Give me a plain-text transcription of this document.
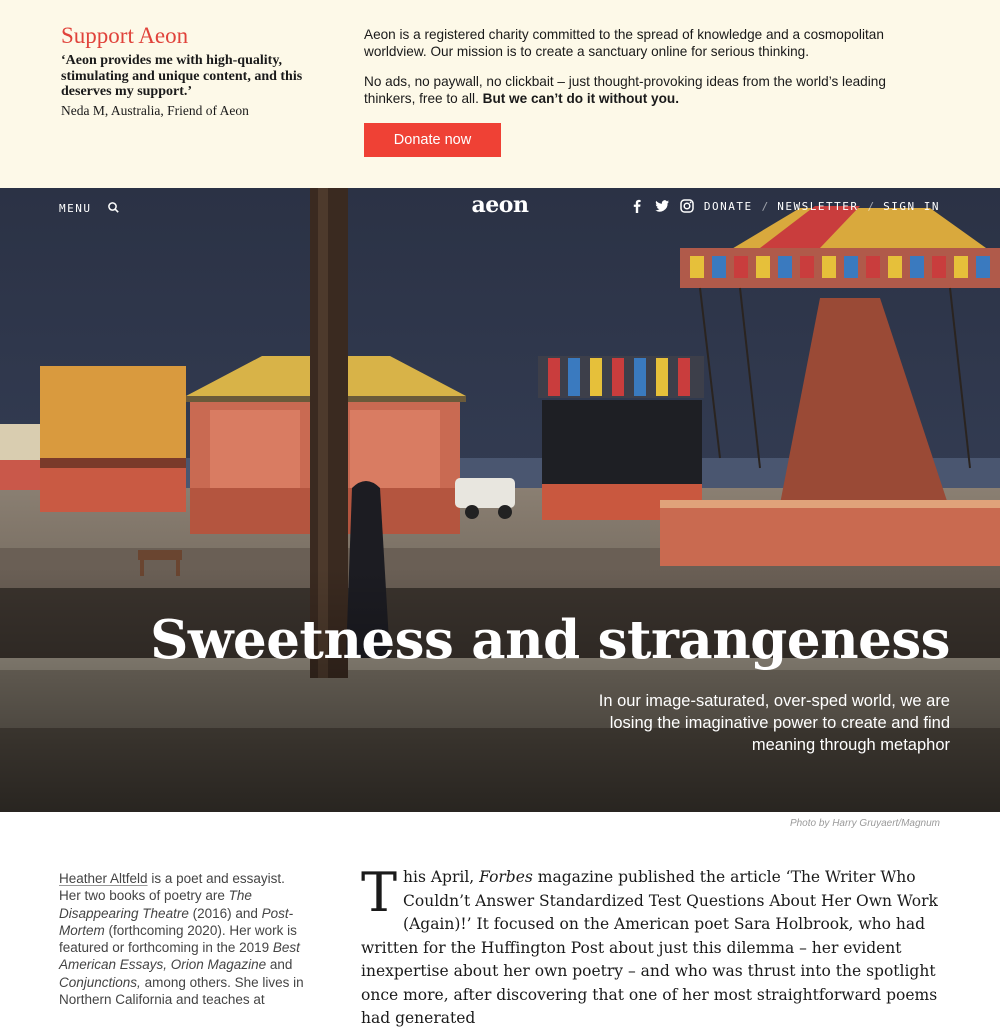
Support Aeon
‘Aeon provides me with high-quality, stimulating and unique content, and this deserves my support.’
Neda M, Australia, Friend of Aeon

Aeon is a registered charity committed to the spread of knowledge and a cosmopolitan worldview. Our mission is to create a sanctuary online for serious thinking.

No ads, no paywall, no clickbait – just thought-provoking ideas from the world’s leading thinkers, free to all. But we can’t do it without you.

Donate now
MENU	aeon	DONATE / NEWSLETTER / SIGN IN
Sweetness and strangeness

In our image-saturated, over-sped world, we are losing the imaginative power to create and find meaning through metaphor

Photo by Harry Gruyaert/Magnum
Heather Altfeld is a poet and essayist. Her two books of poetry are The Disappearing Theatre (2016) and Post-Mortem (forthcoming 2020). Her work is featured or forthcoming in the 2019 Best American Essays, Orion Magazine and Conjunctions, among others. She lives in Northern California and teaches at
This April, Forbes magazine published the article ‘The Writer Who Couldn’t Answer Standardized Test Questions About Her Own Work (Again)!’ It focused on the American poet Sara Holbrook, who had written for the Huffington Post about just this dilemma – her evident inexpertise about her own poetry – and who was thrust into the spotlight once more, after discovering that one of her most straightforward poems had generated
